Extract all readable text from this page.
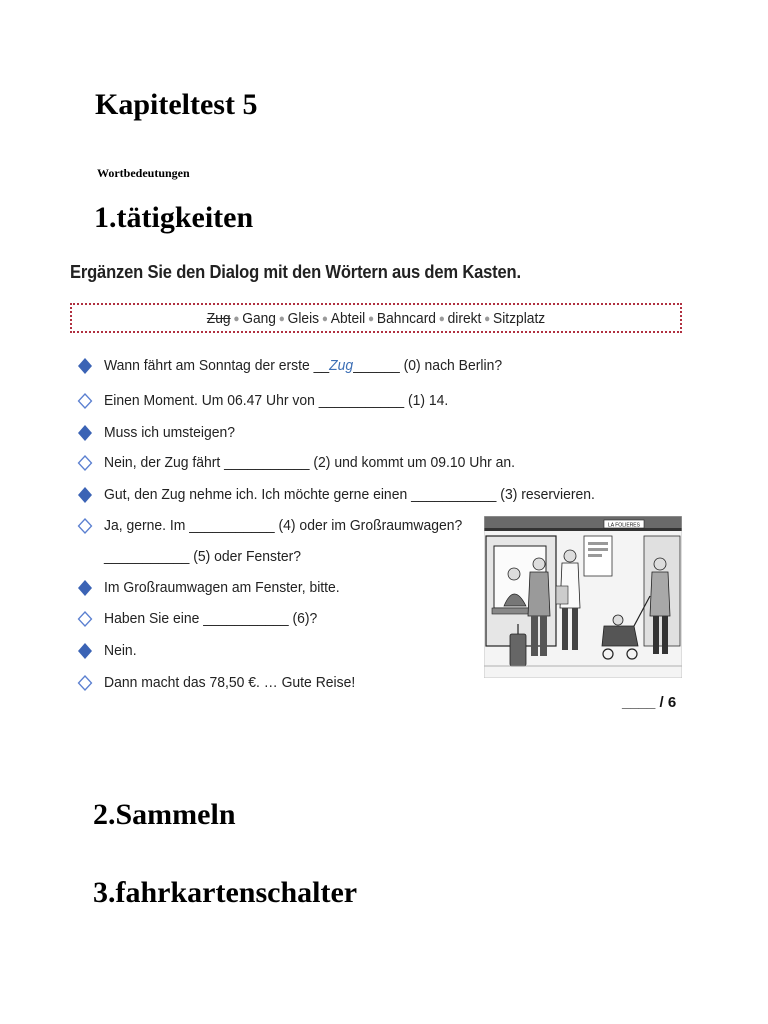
Kapiteltest 5
Wortbedeutungen
1.tätigkeiten
Ergänzen Sie den Dialog mit den Wörtern aus dem Kasten.
Zug ● Gang ● Gleis ● Abteil ● Bahncard ● direkt ● Sitzplatz
Wann fährt am Sonntag der erste __Zug______ (0) nach Berlin?
Einen Moment. Um 06.47 Uhr von ___________ (1) 14.
Muss ich umsteigen?
Nein, der Zug fährt ___________ (2) und kommt um 09.10 Uhr an.
Gut, den Zug nehme ich. Ich möchte gerne einen ___________ (3) reservieren.
Ja, gerne. Im ___________ (4) oder im Großraumwagen?
___________ (5) oder Fenster?
Im Großraumwagen am Fenster, bitte.
Haben Sie eine ___________ (6)?
Nein.
Dann macht das 78,50 €. … Gute Reise!
LA FOLIERES
____ / 6
2.Sammeln
3.fahrkartenschalter
